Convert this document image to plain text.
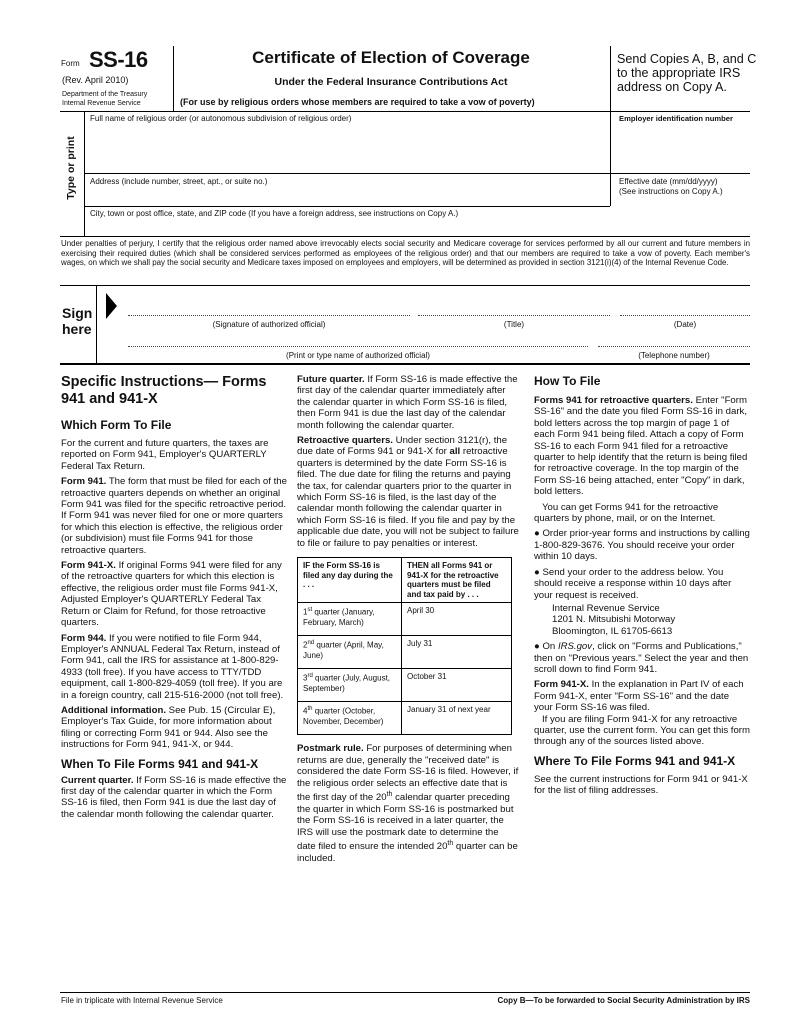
Form SS-16
(Rev. April 2010)
Department of the Treasury
Internal Revenue Service
Certificate of Election of Coverage
Under the Federal Insurance Contributions Act
(For use by religious orders whose members are required to take a vow of poverty)
Send Copies A, B, and C to the appropriate IRS address on Copy A.
Type or print
Full name of religious order (or autonomous subdivision of religious order)	Employer identification number
Address (include number, street, apt., or suite no.)	Effective date (mm/dd/yyyy)
(See instructions on Copy A.)
City, town or post office, state, and ZIP code (If you have a foreign address, see instructions on Copy A.)
Under penalties of perjury, I certify that the religious order named above irrevocably elects social security and Medicare coverage for services performed by all our current and future members in exercising their required duties (which shall be considered services performed as employees of the religious order) and that our members are required to take a vow of poverty. Each member's wages, on which we shall pay the social security and Medicare taxes imposed on employees and employers, will be determined as provided in section 3121(i)(4) of the Internal Revenue Code.
Sign
here	(Signature of authorized official)	(Title)	(Date)
(Print or type name of authorized official)	(Telephone number)
Specific Instructions— Forms 941 and 941-X
Which Form To File

For the current and future quarters, the taxes are reported on Form 941, Employer's QUARTERLY Federal Tax Return.

Form 941. The form that must be filed for each of the retroactive quarters depends on whether an original Form 941 was filed for the specific retroactive period. If Form 941 was never filed for one or more quarters for which this election is effective, the religious order (or subdivision) must file Forms 941 for those retroactive quarters.

Form 941-X. If original Forms 941 were filed for any of the retroactive quarters for which this election is effective, the religious order must file Forms 941-X, Adjusted Employer's QUARTERLY Federal Tax Return or Claim for Refund, for those retroactive quarters.

Form 944. If you were notified to file Form 944, Employer's ANNUAL Federal Tax Return, instead of Form 941, call the IRS for assistance at 1-800-829-4933 (toll free). If you have access to TTY/TDD equipment, call 1-800-829-4059 (toll free). If you are in a foreign country, call 215-516-2000 (not toll free).

Additional information. See Pub. 15 (Circular E), Employer's Tax Guide, for more information about filing or correcting Form 941 or 944. Also see the instructions for Form 941, 941-X, or 944.

When To File Forms 941 and 941-X

Current quarter. If Form SS-16 is made effective the first day of the calendar quarter in which the Form SS-16 is filed, then Form 941 is due the last day of the calendar month following the calendar quarter.

Future quarter. If Form SS-16 is made effective the first day of the calendar quarter immediately after the calendar quarter in which Form SS-16 is filed, then Form 941 is due the last day of the calendar month following the calendar quarter.

Retroactive quarters. Under section 3121(r), the due date of Forms 941 or 941-X for all retroactive quarters is determined by the date Form SS-16 is filed. The due date for filing the returns and paying the tax, for calendar quarters prior to the quarter in which Form SS-16 is filed, is the last day of the calendar month following the calendar quarter in which Form SS-16 is filed. If you file and pay by the applicable due date, you will not be subject to failure to file or failure to pay penalties or interest.

IF the Form SS-16 is filed any day during the . . .	THEN all Forms 941 or 941-X for the retroactive quarters must be filed and tax paid by . . .
1st quarter (January, February, March)	April 30
2nd quarter (April, May, June)	July 31
3rd quarter (July, August, September)	October 31
4th quarter (October, November, December)	January 31 of next year

Postmark rule. For purposes of determining when returns are due, generally the "received date" is considered the date Form SS-16 is filed. However, if the religious order selects an effective date that is the first day of the 20th calendar quarter preceding the quarter in which Form SS-16 is postmarked but the Form SS-16 is received in a later quarter, the IRS will use the postmark date to determine the date filed to ensure the intended 20th quarter can be included.

How To File

Forms 941 for retroactive quarters. Enter "Form SS-16" and the date you filed Form SS-16 in dark, bold letters across the top margin of page 1 of each Form 941 being filed. Attach a copy of Form SS-16 to each Form 941 filed for a retroactive quarter to help identify that the return is being filed for retroactive coverage. In the top margin of the Form SS-16 being attached, enter "Copy" in dark, bold letters.

You can get Forms 941 for the retroactive quarters by phone, mail, or on the Internet.

● Order prior-year forms and instructions by calling 1-800-829-3676. You should receive your order within 10 days.

● Send your order to the address below. You should receive a response within 10 days after your request is received.

Internal Revenue Service
1201 N. Mitsubishi Motorway
Bloomington, IL 61705-6613

● On IRS.gov, click on "Forms and Publications," then on "Previous years." Select the year and then scroll down to find Form 941.

Form 941-X. In the explanation in Part IV of each Form 941-X, enter "Form SS-16" and the date your Form SS-16 was filed.

If you are filing Form 941-X for any retroactive quarter, use the current form. You can get this form through any of the sources listed above.

Where To File Forms 941 and 941-X

See the current instructions for Form 941 or 941-X for the list of filing addresses.

File in triplicate with Internal Revenue Service	Copy B—To be forwarded to Social Security Administration by IRS
